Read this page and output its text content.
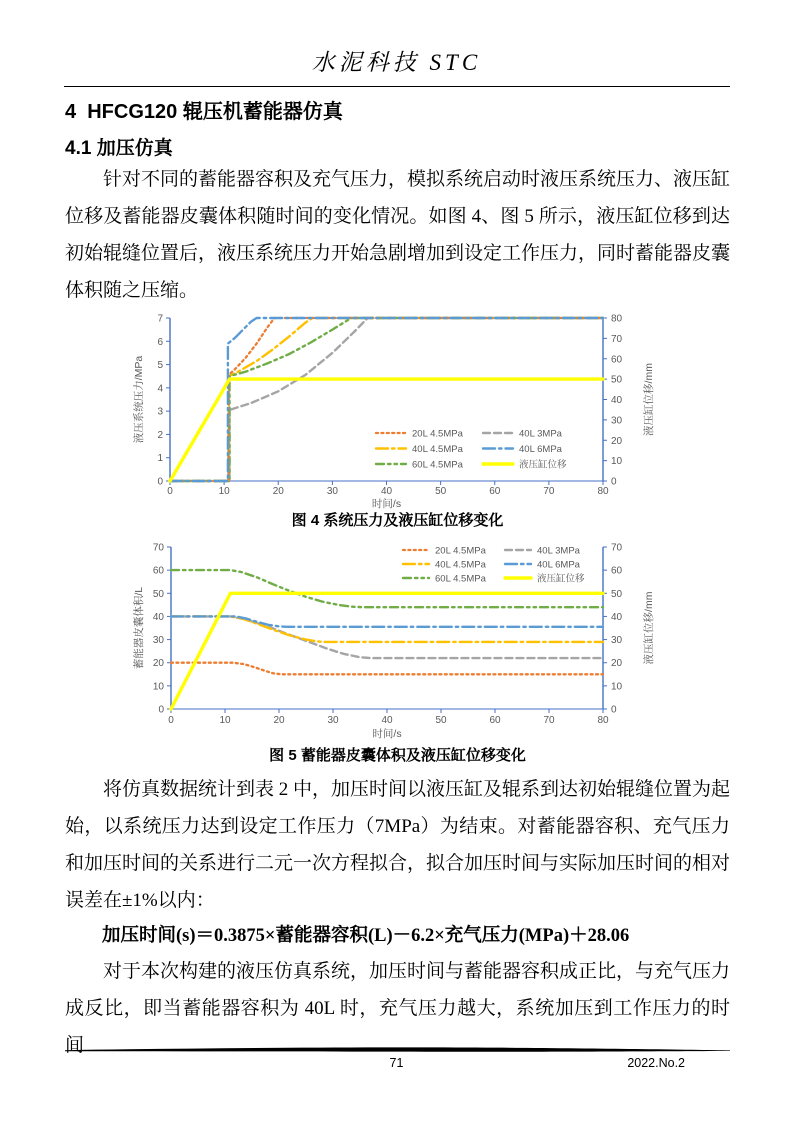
水泥科技 STC
4  HFCG120 辊压机蓄能器仿真
4.1 加压仿真

针对不同的蓄能器容积及充气压力，模拟系统启动时液压系统压力、液压缸位移及蓄能器皮囊体积随时间的变化情况。如图 4、图 5 所示，液压缸位移到达初始辊缝位置后，液压系统压力开始急剧增加到设定工作压力，同时蓄能器皮囊体积随之压缩。

0	10	20	30	40	50	60	70	80
0
1
2
3
4
5
6
7
0
10
20
30
40
50
60
70
80
时间/s
液压系统压力/MPa	液压缸位移/mm
20L 4.5MPa	40L 3MPa
40L 4.5MPa	40L 6MPa
60L 4.5MPa	液压缸位移
图 4 系统压力及液压缸位移变化
0	10	20	30	40	50	60	70	80
0
10
20
30
40
50
60
70
0
10
20
30
40
50
60
70
时间/s
蓄能器皮囊体积/L	液压缸位移/mm
20L 4.5MPa	40L 3MPa
40L 4.5MPa	40L 6MPa
60L 4.5MPa	液压缸位移
图 5 蓄能器皮囊体积及液压缸位移变化

将仿真数据统计到表 2 中，加压时间以液压缸及辊系到达初始辊缝位置为起始，以系统压力达到设定工作压力（7MPa）为结束。对蓄能器容积、充气压力和加压时间的关系进行二元一次方程拟合，拟合加压时间与实际加压时间的相对误差在±1%以内：

加压时间(s)＝0.3875×蓄能器容积(L)－6.2×充气压力(MPa)＋28.06

对于本次构建的液压仿真系统，加压时间与蓄能器容积成正比，与充气压力成反比，即当蓄能器容积为 40L 时，充气压力越大，系统加压到工作压力的时间

71	2022.No.2
